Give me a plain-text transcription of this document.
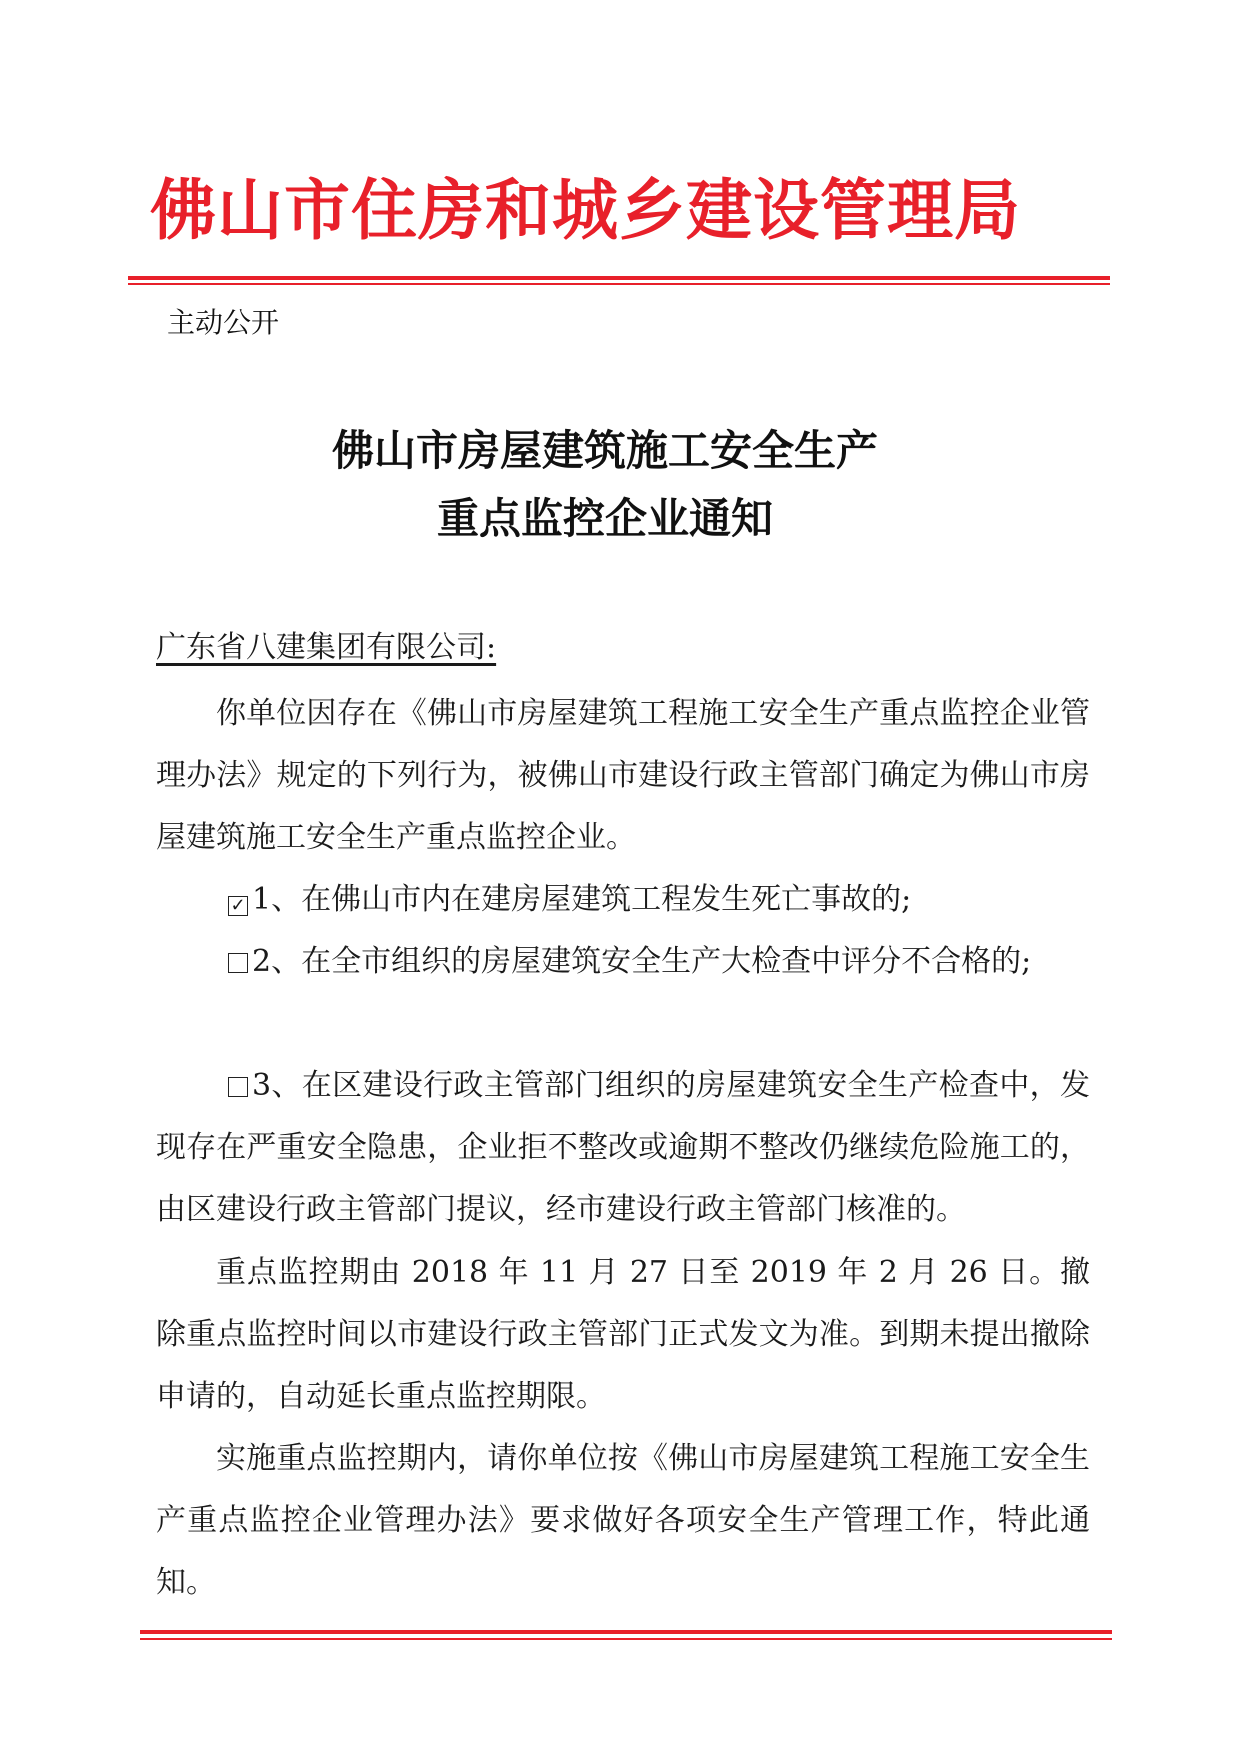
佛山市住房和城乡建设管理局
主动公开
佛山市房屋建筑施工安全生产
重点监控企业通知
广东省八建集团有限公司:

你单位因存在《佛山市房屋建筑工程施工安全生产重点监控企业管理办法》规定的下列行为，被佛山市建设行政主管部门确定为佛山市房屋建筑施工安全生产重点监控企业。

✓ 1、在佛山市内在建房屋建筑工程发生死亡事故的;

2、在全市组织的房屋建筑安全生产大检查中评分不合格的;

3、在区建设行政主管部门组织的房屋建筑安全生产检查中，发现存在严重安全隐患，企业拒不整改或逾期不整改仍继续危险施工的，由区建设行政主管部门提议，经市建设行政主管部门核准的。

重点监控期由 2018 年 11 月 27 日至 2019 年 2 月 26 日。撤除重点监控时间以市建设行政主管部门正式发文为准。到期未提出撤除申请的，自动延长重点监控期限。

实施重点监控期内，请你单位按《佛山市房屋建筑工程施工安全生产重点监控企业管理办法》要求做好各项安全生产管理工作，特此通知。
